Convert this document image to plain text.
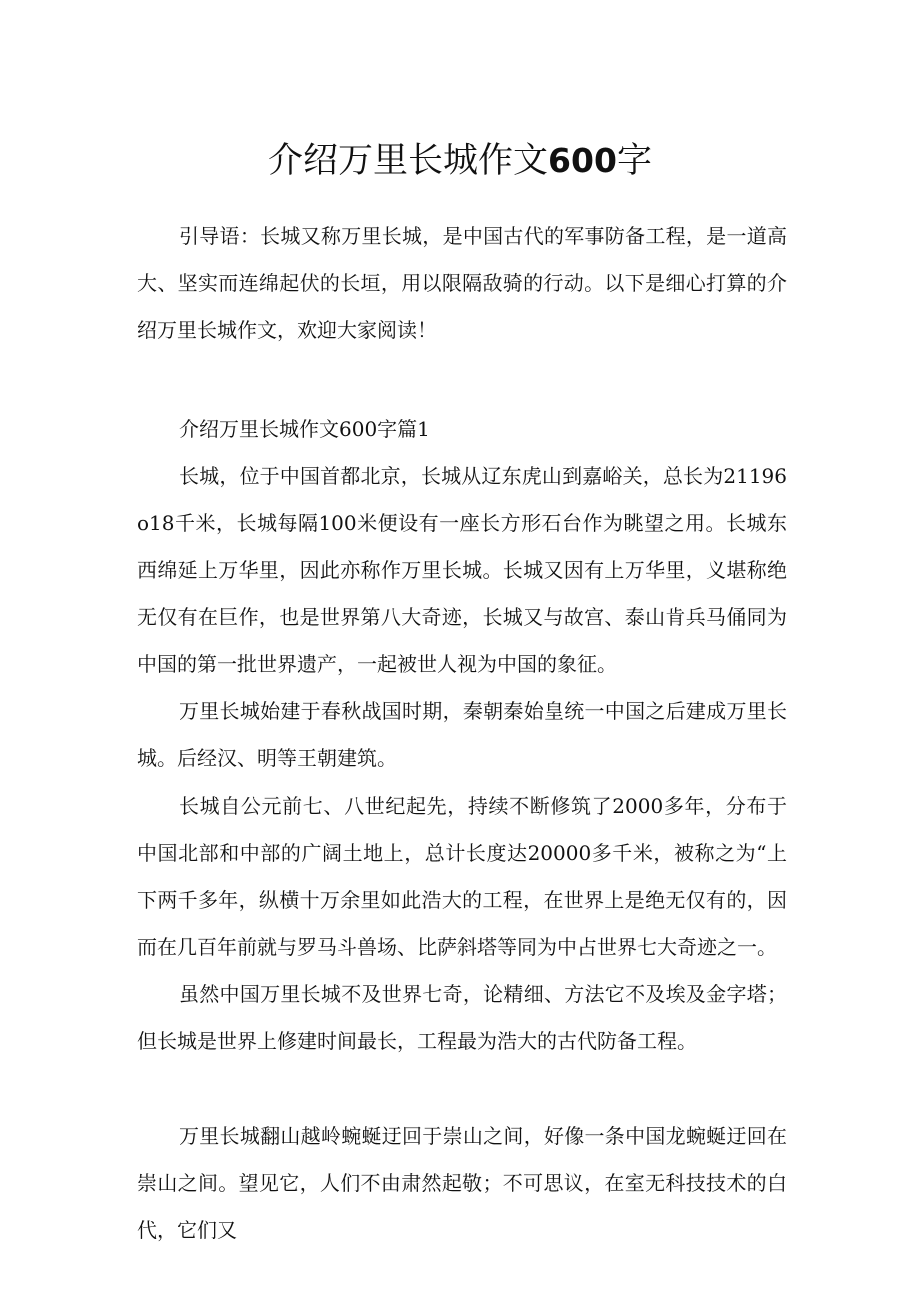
介绍万里长城作文600字

引导语：长城又称万里长城，是中国古代的军事防备工程，是一道高大、坚实而连绵起伏的长垣，用以限隔敌骑的行动。以下是细心打算的介绍万里长城作文，欢迎大家阅读！

介绍万里长城作文600字篇1

长城，位于中国首都北京，长城从辽东虎山到嘉峪关，总长为21196o18千米，长城每隔100米便设有一座长方形石台作为眺望之用。长城东西绵延上万华里，因此亦称作万里长城。长城又因有上万华里，义堪称绝无仅有在巨作，也是世界第八大奇迹，长城又与故宫、泰山肯兵马俑同为中国的第一批世界遗产，一起被世人视为中国的象征。

万里长城始建于春秋战国时期，秦朝秦始皇统一中国之后建成万里长城。后经汉、明等王朝建筑。

长城自公元前七、八世纪起先，持续不断修筑了2000多年，分布于中国北部和中部的广阔土地上，总计长度达20000多千米，被称之为“上下两千多年，纵横十万余里如此浩大的工程，在世界上是绝无仅有的，因而在几百年前就与罗马斗兽场、比萨斜塔等同为中占世界七大奇迹之一。

虽然中国万里长城不及世界七奇，论精细、方法它不及埃及金字塔；但长城是世界上修建时间最长，工程最为浩大的古代防备工程。

万里长城翻山越岭蜿蜒迂回于崇山之间，好像一条中国龙蜿蜒迂回在崇山之间。望见它，人们不由肃然起敬；不可思议，在室无科技技术的白代，它们又
